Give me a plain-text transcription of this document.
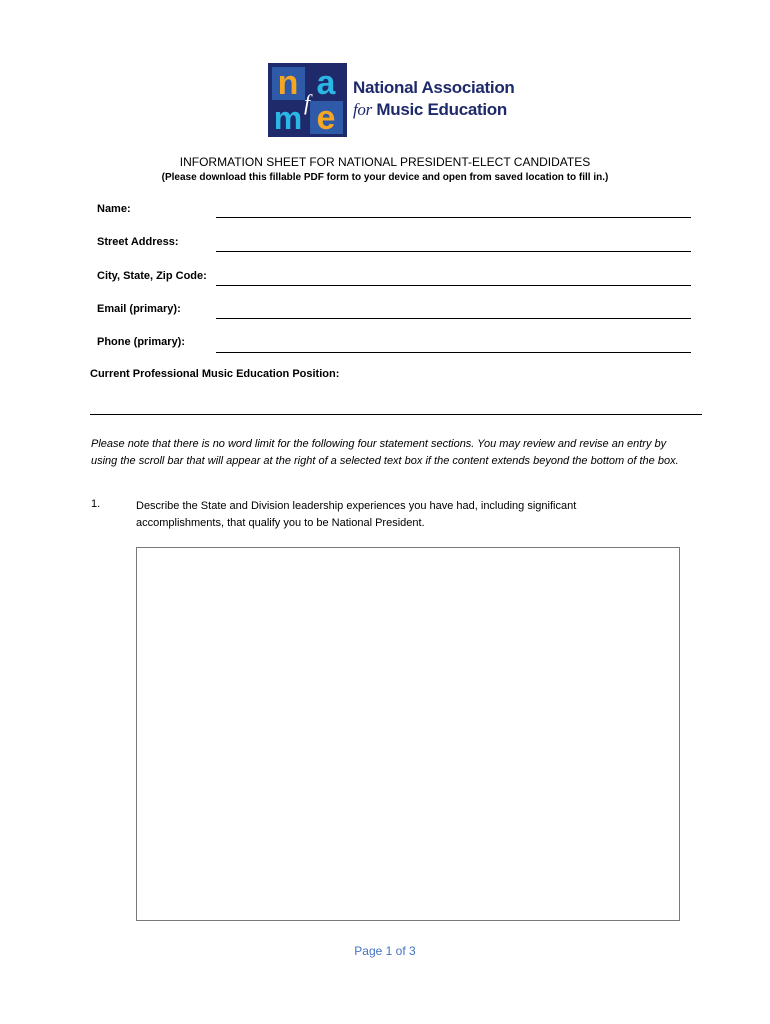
n a
f
m e
National Association
for Music Education
INFORMATION SHEET FOR NATIONAL PRESIDENT-ELECT CANDIDATES
(Please download this fillable PDF form to your device and open from saved location to fill in.)
Name:
Street Address:
City, State, Zip Code:
Email (primary):
Phone (primary):
Current Professional Music Education Position:
Please note that there is no word limit for the following four statement sections. You may review and revise an entry by using the scroll bar that will appear at the right of a selected text box if the content extends beyond the bottom of the box.
1.	Describe the State and Division leadership experiences you have had, including significant accomplishments, that qualify you to be National President.
Page 1 of 3
